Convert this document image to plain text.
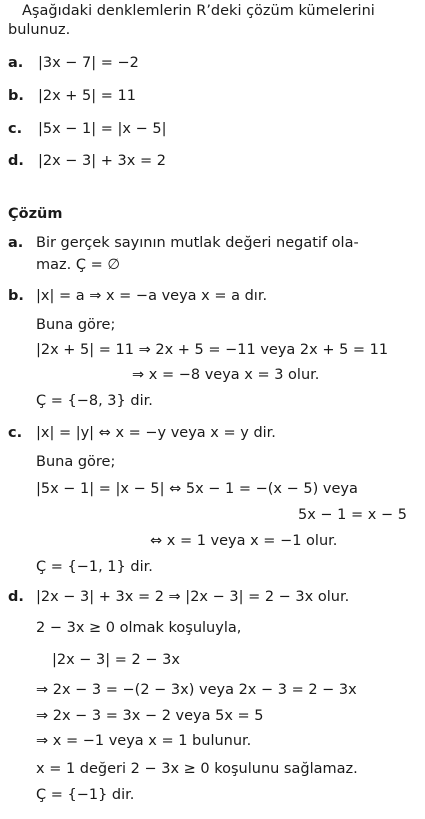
Aşağıdaki denklemlerin R’deki çözüm kümelerini
bulunuz.
a. |3x − 7| = −2
b. |2x + 5| = 11
c. |5x − 1| = |x − 5|
d. |2x − 3| + 3x = 2
Çözüm
a. Bir gerçek sayının mutlak değeri negatif ola-
maz. Ç = ∅
b. |x| = a ⇒ x = −a veya x = a dır.
Buna göre;
|2x + 5| = 11 ⇒ 2x + 5 = −11 veya 2x + 5 = 11
⇒ x = −8 veya x = 3 olur.
Ç = {−8, 3} dir.
c. |x| = |y| ⇔ x = −y veya x = y dir.
Buna göre;
|5x − 1| = |x − 5| ⇔ 5x − 1 = −(x − 5) veya
5x − 1 = x − 5
⇔ x = 1 veya x = −1 olur.
Ç = {−1, 1} dir.
d. |2x − 3| + 3x = 2 ⇒ |2x − 3| = 2 − 3x olur.
2 − 3x ≥ 0 olmak koşuluyla,
|2x − 3| = 2 − 3x
⇒ 2x − 3 = −(2 − 3x) veya 2x − 3 = 2 − 3x
⇒ 2x − 3 = 3x − 2 veya 5x = 5
⇒ x = −1 veya x = 1 bulunur.
x = 1 değeri 2 − 3x ≥ 0 koşulunu sağlamaz.
Ç = {−1} dir.
